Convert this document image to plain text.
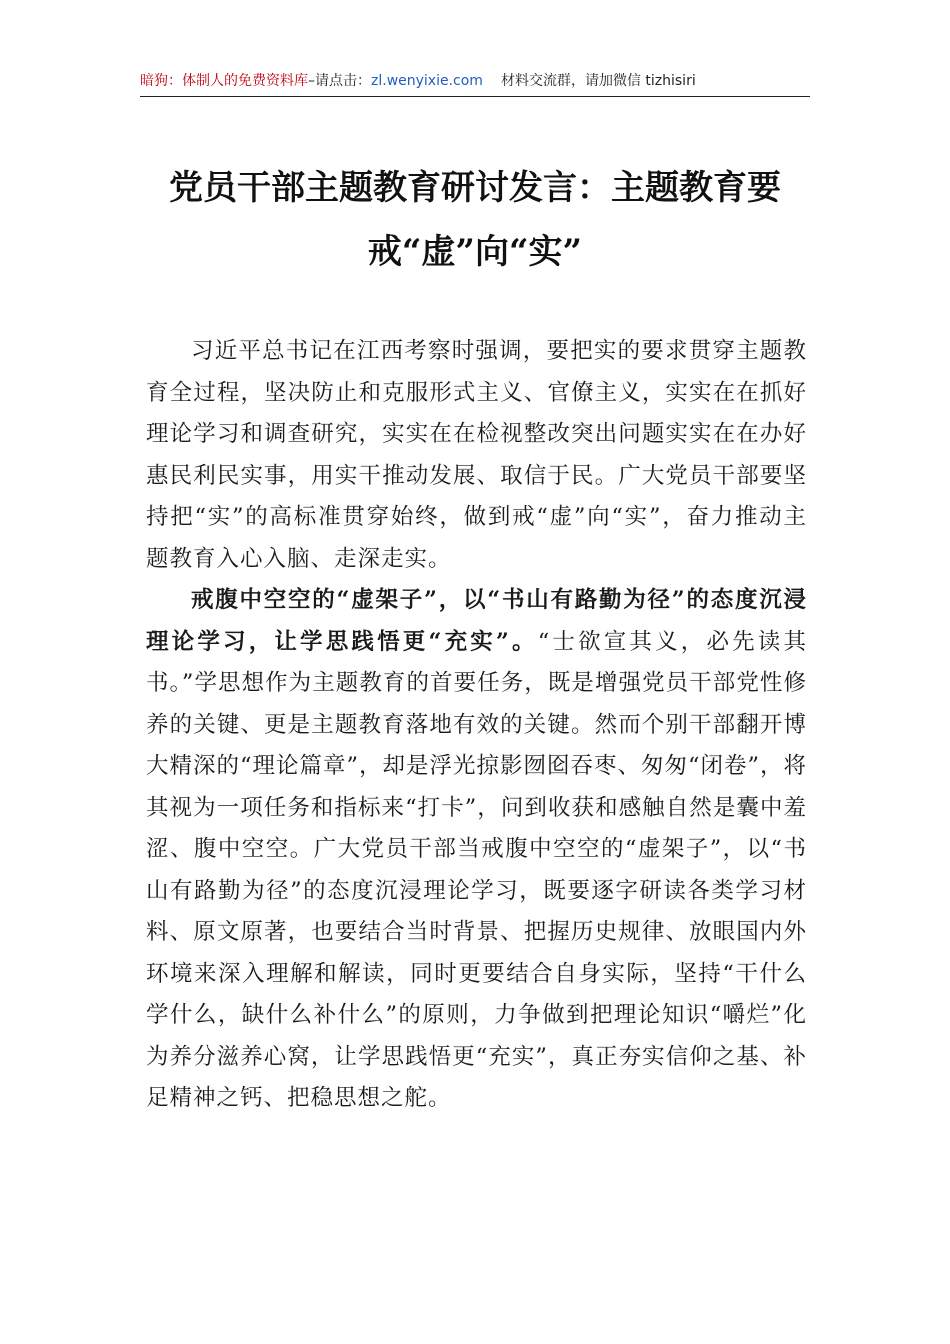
暗狗：体制人的免费资料库–请点击：zl.wenyixie.com 材料交流群，请加微信 tizhisiri
党员干部主题教育研讨发言：主题教育要
戒“虚”向“实”

习近平总书记在江西考察时强调，要把实的要求贯穿主题教育全过程，坚决防止和克服形式主义、官僚主义，实实在在抓好理论学习和调查研究，实实在在检视整改突出问题实实在在办好惠民利民实事，用实干推动发展、取信于民。广大党员干部要坚持把“实”的高标准贯穿始终，做到戒“虚”向“实”，奋力推动主题教育入心入脑、走深走实。

戒腹中空空的“虚架子”，以“书山有路勤为径”的态度沉浸理论学习，让学思践悟更“充实”。“士欲宣其义，必先读其书。”学思想作为主题教育的首要任务，既是增强党员干部党性修养的关键、更是主题教育落地有效的关键。然而个别干部翻开博大精深的“理论篇章”，却是浮光掠影囫囵吞枣、匆匆“闭卷”，将其视为一项任务和指标来“打卡”，问到收获和感触自然是囊中羞涩、腹中空空。广大党员干部当戒腹中空空的“虚架子”，以“书山有路勤为径”的态度沉浸理论学习，既要逐字研读各类学习材料、原文原著，也要结合当时背景、把握历史规律、放眼国内外环境来深入理解和解读，同时更要结合自身实际，坚持“干什么学什么，缺什么补什么”的原则，力争做到把理论知识“嚼烂”化为养分滋养心窝，让学思践悟更“充实”，真正夯实信仰之基、补足精神之钙、把稳思想之舵。
